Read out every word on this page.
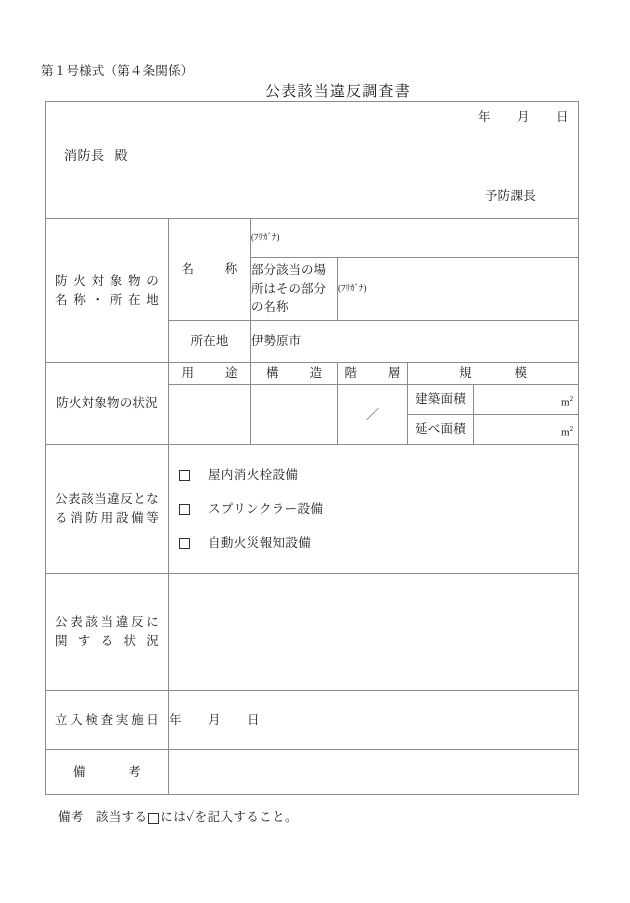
第１号様式（第４条関係）
公表該当違反調査書
年 月 日
消防長 殿
予防課長					

防火対象物の
名称・所在地	名　称	(ﾌﾘｶﾞﾅ)			
		部分該当の場所はその部分の名称	(ﾌﾘｶﾞﾅ)		
	所在地	伊勢原市			

防火対象物の状況	用　途	構　造	階　層	規　模	
			／	建築面積	$m^2$

				延べ面積	$m^2$

公表該当違反とな
る消防用設備等

屋内消火栓設備
スプリンクラー設備
自動火災報知設備

公表該当違反に
関する状況					

立入検査実施日	年 月 日				
備　　考					
備考 該当する には✓を記入すること。
